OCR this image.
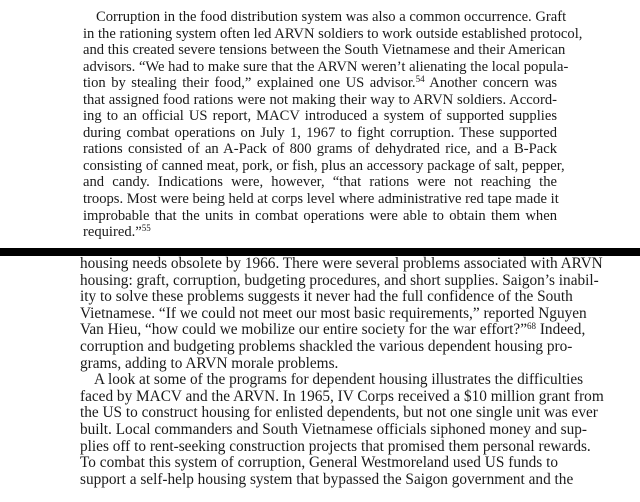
Corruption in the food distribution system was also a common occurrence. Graft
in the rationing system often led ARVN soldiers to work outside established protocol,
and this created severe tensions between the South Vietnamese and their American
advisors. “We had to make sure that the ARVN weren’t alienating the local popula-
tion by stealing their food,” explained one US advisor.$^{54}$ Another concern was
that assigned food rations were not making their way to ARVN soldiers. Accord-
ing to an official US report, MACV introduced a system of supported supplies
during combat operations on July 1, 1967 to fight corruption. These supported
rations consisted of an A-Pack of 800 grams of dehydrated rice, and a B-Pack
consisting of canned meat, pork, or fish, plus an accessory package of salt, pepper,
and candy. Indications were, however, “that rations were not reaching the
troops. Most were being held at corps level where administrative red tape made it
improbable that the units in combat operations were able to obtain them when
required.”$^{55}$

housing needs obsolete by 1966. There were several problems associated with ARVN
housing: graft, corruption, budgeting procedures, and short supplies. Saigon’s inabil-
ity to solve these problems suggests it never had the full confidence of the South
Vietnamese. “If we could not meet our most basic requirements,” reported Nguyen
Van Hieu, “how could we mobilize our entire society for the war effort?”$^{68}$ Indeed,
corruption and budgeting problems shackled the various dependent housing pro-
grams, adding to ARVN morale problems.

A look at some of the programs for dependent housing illustrates the difficulties
faced by MACV and the ARVN. In 1965, IV Corps received a $10 million grant from
the US to construct housing for enlisted dependents, but not one single unit was ever
built. Local commanders and South Vietnamese officials siphoned money and sup-
plies off to rent-seeking construction projects that promised them personal rewards.
To combat this system of corruption, General Westmoreland used US funds to
support a self-help housing system that bypassed the Saigon government and the
